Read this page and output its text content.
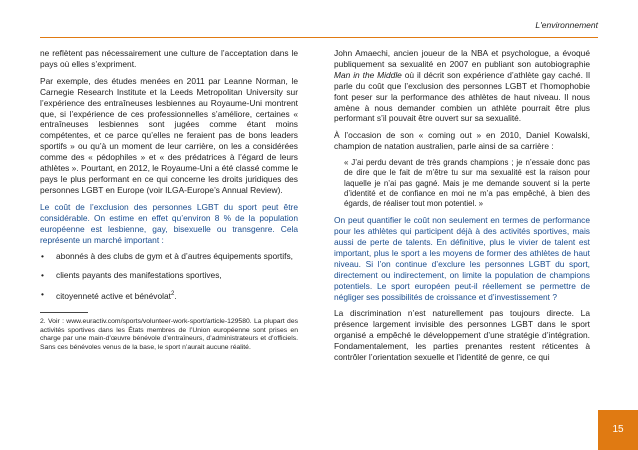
L'environnement

ne reflètent pas nécessairement une culture de l’acceptation dans le pays où elles s’expriment.

Par exemple, des études menées en 2011 par Leanne Norman, le Carnegie Research Institute et la Leeds Metropolitan University sur l’expérience des entraîneuses lesbiennes au Royaume-Uni montrent que, si l’expérience de ces professionnelles s’améliore, certaines « entraîneuses lesbiennes sont jugées comme étant moins compétentes, et ce parce qu’elles ne feraient pas de bons leaders sportifs » ou qu’à un moment de leur carrière, on les a considérées comme des « pédophiles » et « des prédatrices à l’égard de leurs athlètes ». Pourtant, en 2012, le Royaume-Uni a été classé comme le pays le plus performant en ce qui concerne les droits juridiques des personnes LGBT en Europe (voir ILGA-Europe’s Annual Review).

Le coût de l’exclusion des personnes LGBT du sport peut être considérable. On estime en effet qu’environ 8 % de la population européenne est lesbienne, gay, bisexuelle ou transgenre. Cela représente un marché important :

• abonnés à des clubs de gym et à d’autres équipements sportifs,
• clients payants des manifestations sportives,
• citoyenneté active et bénévolat$^2$.
2. Voir : www.euractiv.com/sports/volunteer-work-sport/article-129580. La plupart des activités sportives dans les États membres de l’Union européenne sont prises en charge par une main-d’œuvre bénévole d’entraîneurs, d’administrateurs et d’officiels. Sans ces bénévoles venus de la base, le sport n’aurait aucune réalité.

John Amaechi, ancien joueur de la NBA et psychologue, a évoqué publiquement sa sexualité en 2007 en publiant son autobiographie Man in the Middle où il décrit son expérience d’athlète gay caché. Il parle du coût que l’exclusion des personnes LGBT et l’homophobie font peser sur la performance des athlètes de haut niveau. Il nous amène à nous demander combien un athlète pourrait être plus performant s’il pouvait être ouvert sur sa sexualité.

À l’occasion de son « coming out » en 2010, Daniel Kowalski, champion de natation australien, parle ainsi de sa carrière :

« J’ai perdu devant de très grands champions ; je n’essaie donc pas de dire que le fait de m’être tu sur ma sexualité est la raison pour laquelle je n’ai pas gagné. Mais je me demande souvent si la perte d’identité et de confiance en moi ne m’a pas empêché, à bien des égards, de réaliser tout mon potentiel. »

On peut quantifier le coût non seulement en termes de performance pour les athlètes qui participent déjà à des activités sportives, mais aussi de perte de talents. En définitive, plus le vivier de talent est important, plus le sport a les moyens de former des athlètes de haut niveau. Si l’on continue d’exclure les personnes LGBT du sport, directement ou indirectement, on limite la population de champions potentiels. Le sport européen peut-il réellement se permettre de négliger ses possibilités de croissance et d’investissement ?

La discrimination n’est naturellement pas toujours directe. La présence largement invisible des personnes LGBT dans le sport organisé a empêché le développement d’une stratégie d’intégration. Fondamentalement, les parties prenantes restent réticentes à contrôler l’orientation sexuelle et l’identité de genre, ce qui

15
